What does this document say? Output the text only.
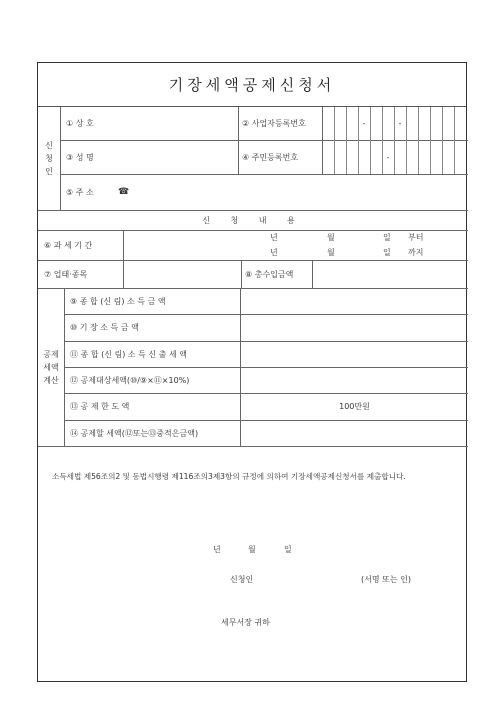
기장세액공제신청서
신
청
인
① 상 호	② 사업자등록번호	-	-
③ 성 명	④ 주민등록번호	-
⑤ 주 소	☎
신 청 내 용
⑥ 과 세 기 간
년	월	일 부터
년	월	일 까지
⑦ 업태·종목	⑧ 총수입금액
공제
세액
계산
⑨ 종 합 (신 림) 소 득 금 액
⑩ 기 장 소 득 금 액
⑪ 종 합 (신 림) 소 득 신 출 세 액
⑫ 공제대상세액(⑩/⑨×⑪×10%)
⑬ 공 제 한 도 액	100만원
⑭ 공제할 세액(⑫또는⑬중적은금액)
소득세법 제56조의2 및 동법시행령 제116조의3제3항의 규정에 의하여 기장세액공제신청서를 제출합니다.
년	월	일
신청인	(서명 또는 인)
세무서장 귀하
